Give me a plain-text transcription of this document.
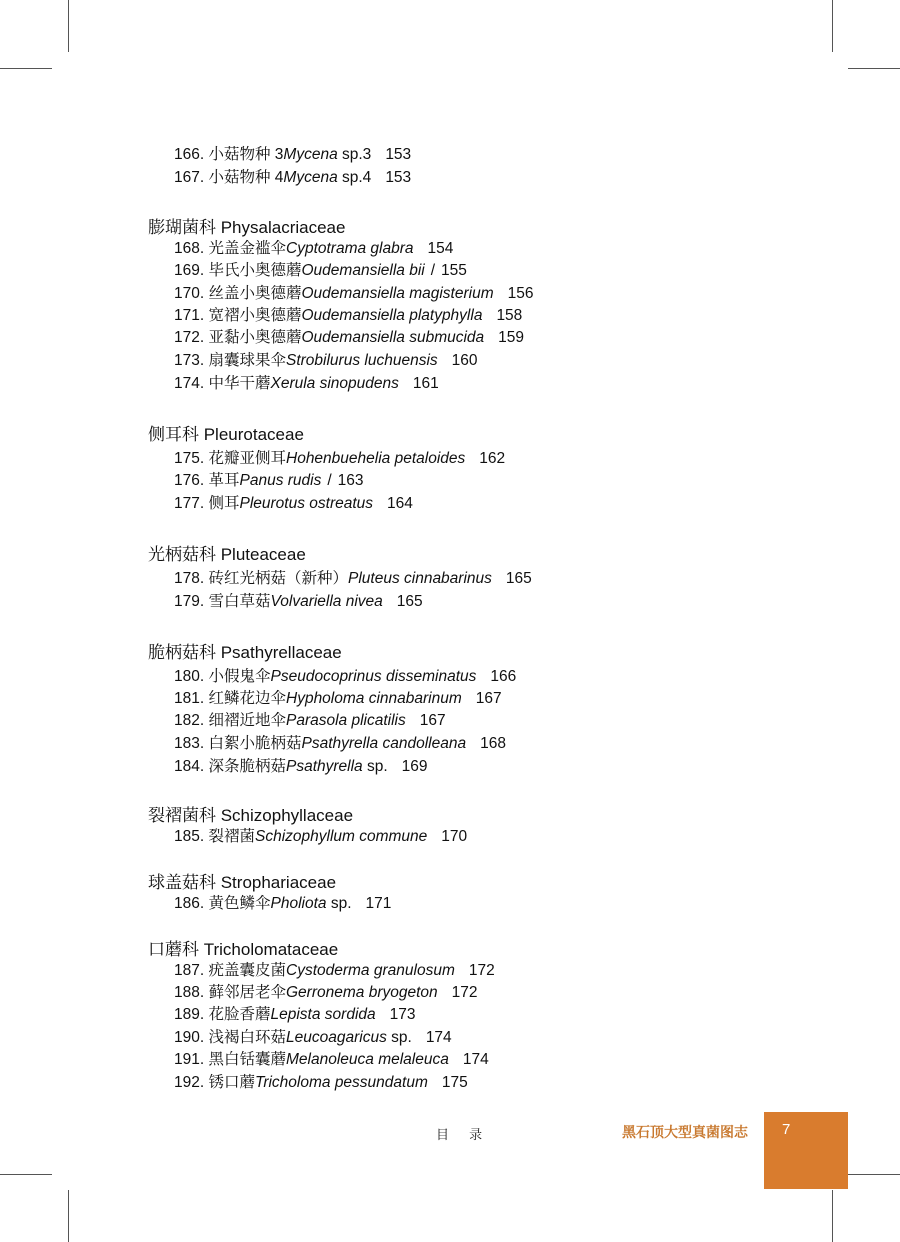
166. 小菇物种 3Mycena sp.3 153
167. 小菇物种 4Mycena sp.4 153
膨瑚菌科 Physalacriaceae
168. 光盖金褴伞Cyptotrama glabra 154
169. 毕氏小奥德蘑Oudemansiella bii / 155
170. 丝盖小奥德蘑Oudemansiella magisterium 156
171. 宽褶小奥德蘑Oudemansiella platyphylla 158
172. 亚黏小奥德蘑Oudemansiella submucida 159
173. 扇囊球果伞Strobilurus luchuensis 160
174. 中华干蘑Xerula sinopudens 161
侧耳科 Pleurotaceae
175. 花瓣亚侧耳Hohenbuehelia petaloides 162
176. 革耳Panus rudis / 163
177. 侧耳Pleurotus ostreatus 164
光柄菇科 Pluteaceae
178. 砖红光柄菇（新种）Pluteus cinnabarinus 165
179. 雪白草菇Volvariella nivea 165
脆柄菇科 Psathyrellaceae
180. 小假鬼伞Pseudocoprinus disseminatus 166
181. 红鳞花边伞Hypholoma cinnabarinum 167
182. 细褶近地伞Parasola plicatilis 167
183. 白絮小脆柄菇Psathyrella candolleana 168
184. 深条脆柄菇Psathyrella sp. 169
裂褶菌科 Schizophyllaceae
185. 裂褶菌Schizophyllum commune 170
球盖菇科 Strophariaceae
186. 黄色鳞伞Pholiota sp. 171
口蘑科 Tricholomataceae
187. 疣盖囊皮菌Cystoderma granulosum 172
188. 藓邻居老伞Gerronema bryogeton 172
189. 花脸香蘑Lepista sordida 173
190. 浅褐白环菇Leucoagaricus sp. 174
191. 黑白铦囊蘑Melanoleuca melaleuca 174
192. 锈口蘑Tricholoma pessundatum 175
目 录	黑石顶大型真菌图志 7
